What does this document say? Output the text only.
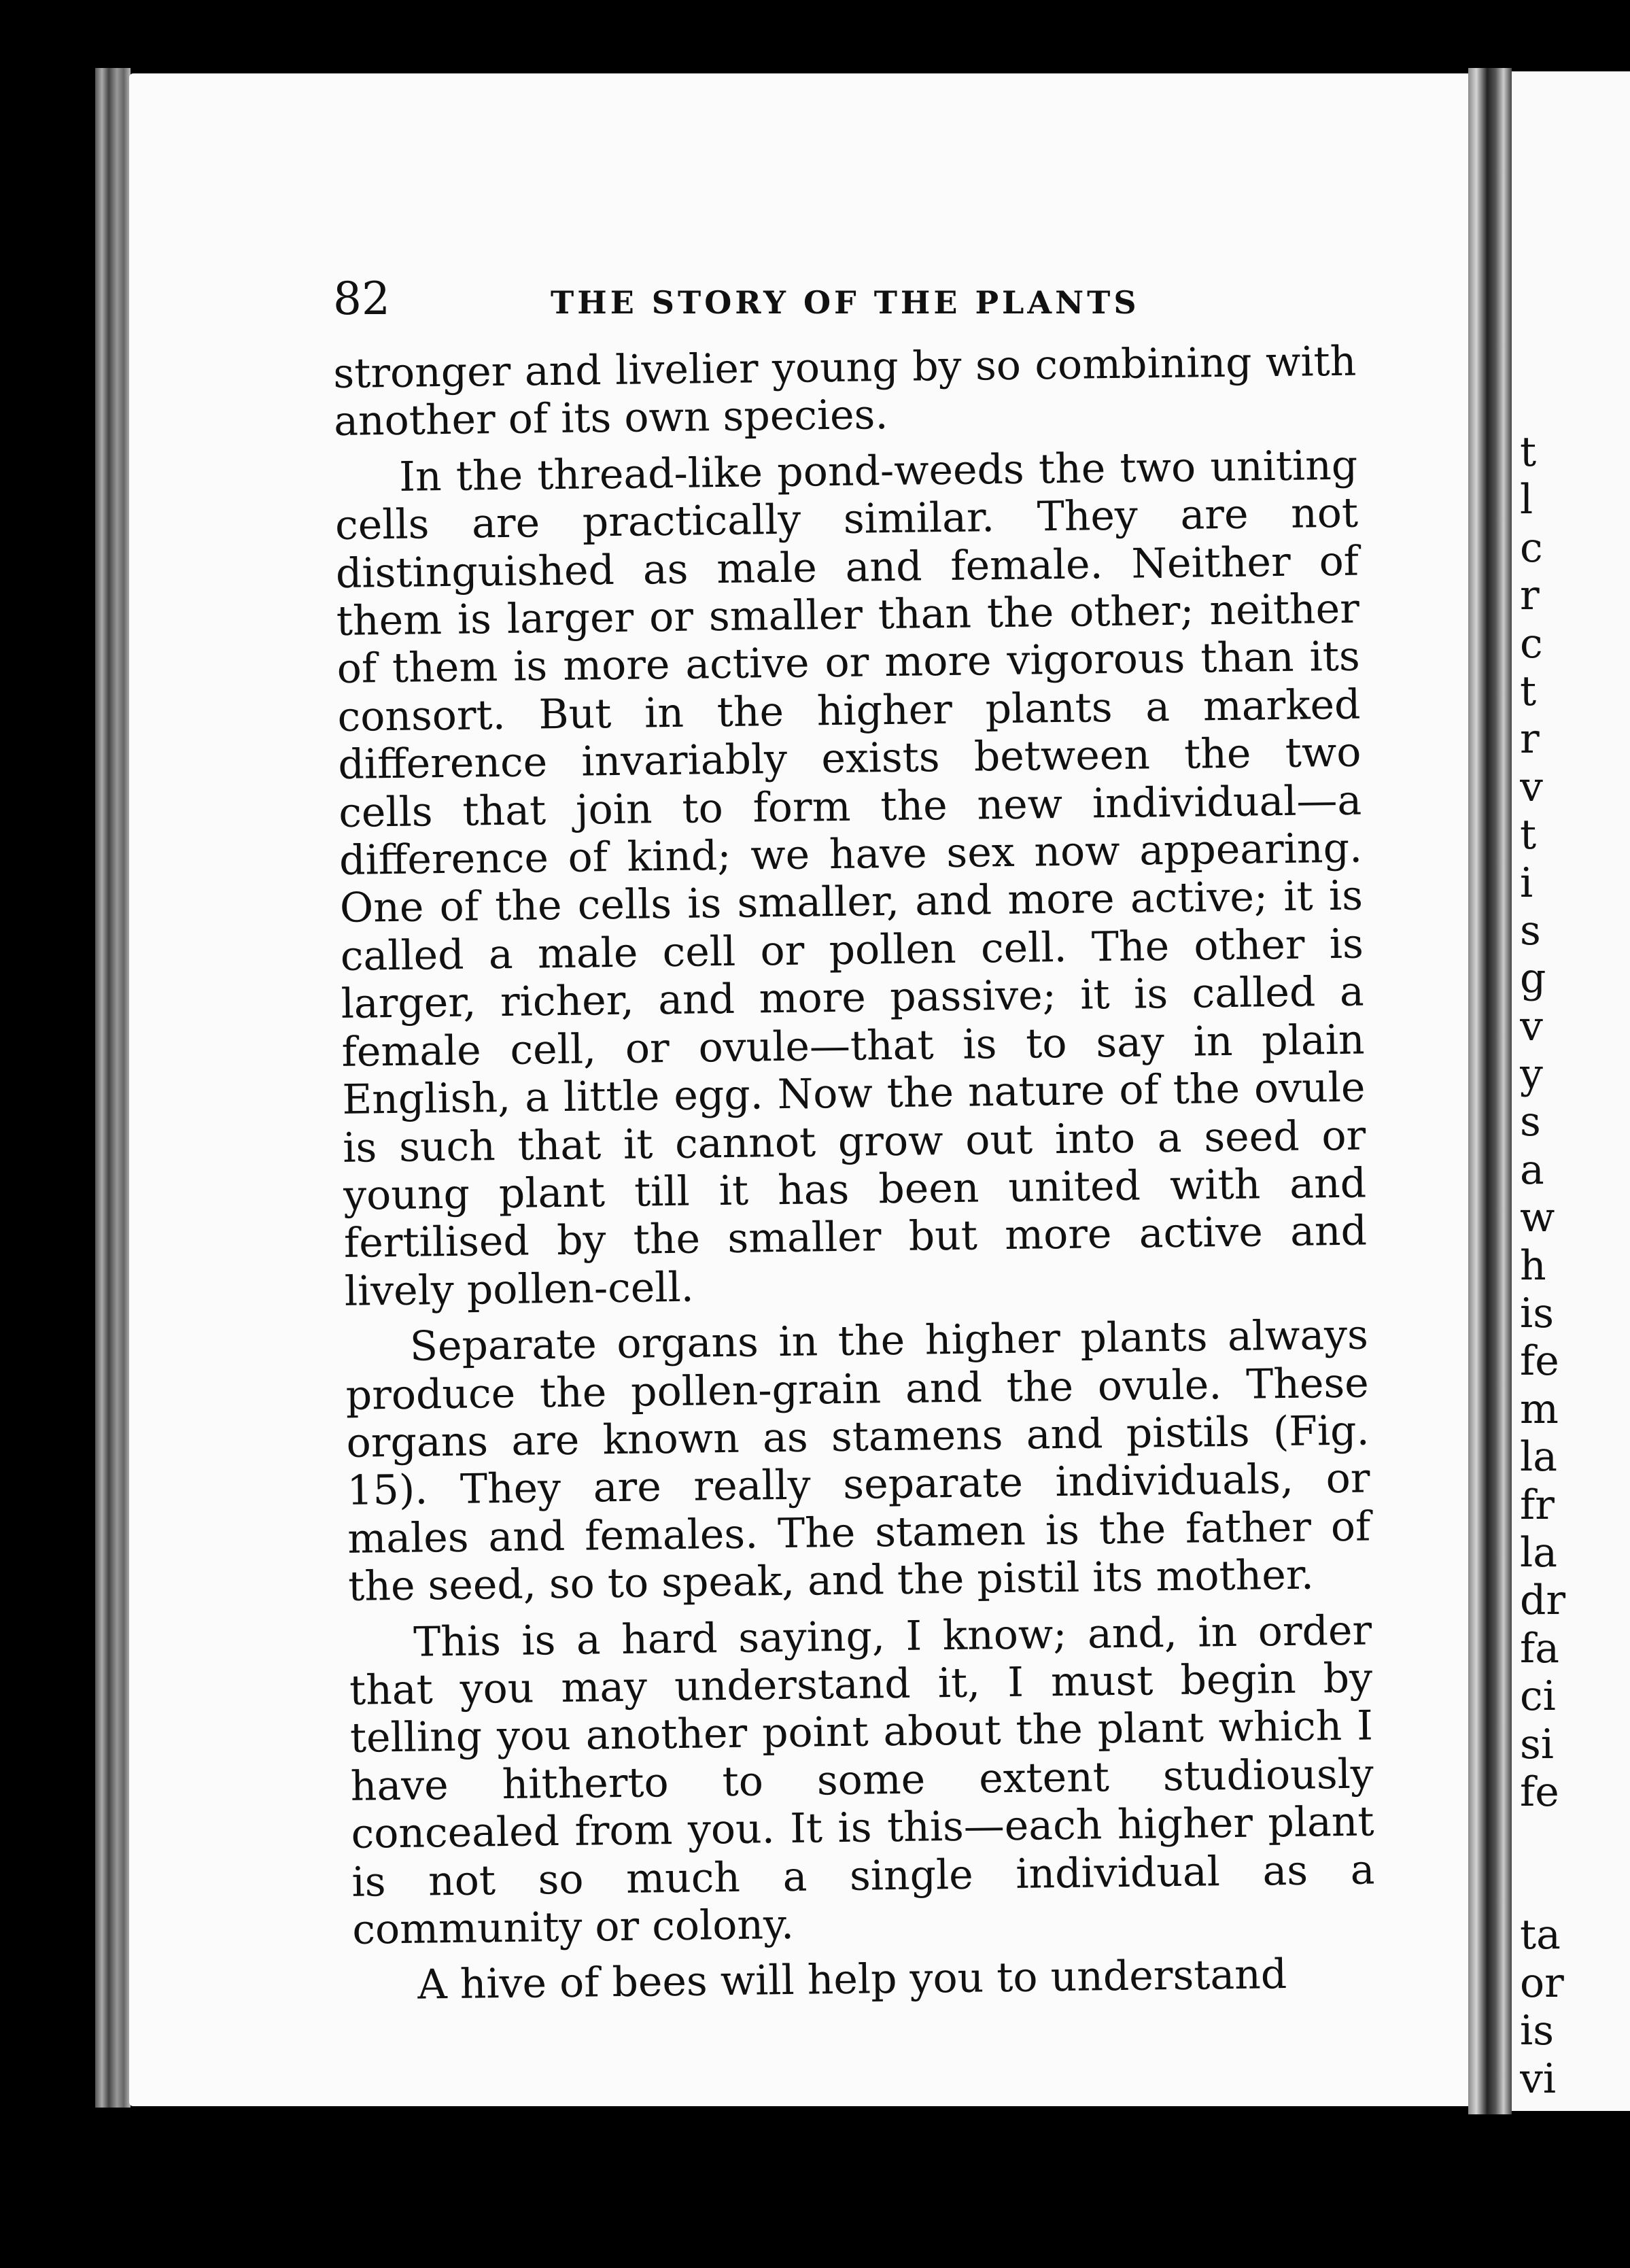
82	THE STORY OF THE PLANTS

stronger and livelier young by so combining with another of its own species.

In the thread-like pond-weeds the two uniting cells are practically similar. They are not distinguished as male and female. Neither of them is larger or smaller than the other; neither of them is more active or more vigorous than its consort. But in the higher plants a marked difference invariably exists between the two cells that join to form the new individual—a difference of kind; we have sex now appearing. One of the cells is smaller, and more active; it is called a male cell or pollen cell. The other is larger, richer, and more passive; it is called a female cell, or ovule—that is to say in plain English, a little egg. Now the nature of the ovule is such that it cannot grow out into a seed or young plant till it has been united with and fertilised by the smaller but more active and lively pollen-cell.

Separate organs in the higher plants always produce the pollen-grain and the ovule. These organs are known as stamens and pistils (Fig. 15). They are really separate individuals, or males and females. The stamen is the father of the seed, so to speak, and the pistil its mother.

This is a hard saying, I know; and, in order that you may understand it, I must begin by telling you another point about the plant which I have hitherto to some extent studiously concealed from you. It is this—each higher plant is not so much a single individual as a community or colony.

A hive of bees will help you to understand

t
l
c
r
c
t
r
v
t
i
s
g
v
y
s
a
w
h
is
fe
m
la
fr
la
dr
fa
ci
si
fe
ta
or
is
vi
